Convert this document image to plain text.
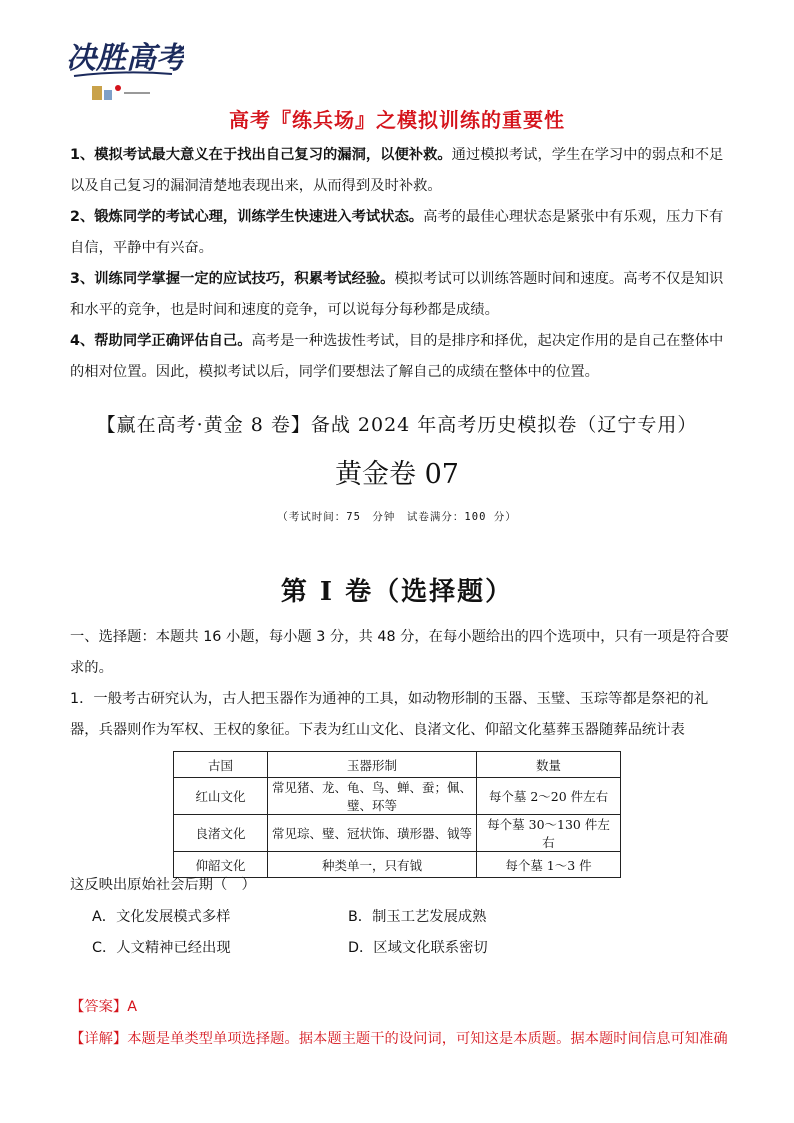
决胜高考
高考『练兵场』之模拟训练的重要性

1、模拟考试最大意义在于找出自己复习的漏洞，以便补救。通过模拟考试，学生在学习中的弱点和不足以及自己复习的漏洞清楚地表现出来，从而得到及时补救。

2、锻炼同学的考试心理，训练学生快速进入考试状态。高考的最佳心理状态是紧张中有乐观，压力下有自信，平静中有兴奋。

3、训练同学掌握一定的应试技巧，积累考试经验。模拟考试可以训练答题时间和速度。高考不仅是知识和水平的竞争，也是时间和速度的竞争，可以说每分每秒都是成绩。

4、帮助同学正确评估自己。高考是一种选拔性考试，目的是排序和择优，起决定作用的是自己在整体中的相对位置。因此，模拟考试以后，同学们要想法了解自己的成绩在整体中的位置。

【赢在高考·黄金 8 卷】备战 2024 年高考历史模拟卷（辽宁专用）
黄金卷 07
（考试时间：75　分钟　试卷满分：100 分）
第 I 卷（选择题）

一、选择题：本题共 16 小题，每小题 3 分，共 48 分，在每小题给出的四个选项中，只有一项是符合要求的。

1．一般考古研究认为，古人把玉器作为通神的工具，如动物形制的玉器、玉璧、玉琮等都是祭祀的礼器，兵器则作为军权、王权的象征。下表为红山文化、良渚文化、仰韶文化墓葬玉器随葬品统计表

古国	玉器形制	数量
红山文化	常见猪、龙、龟、鸟、蝉、蚕；佩、璧、环等	每个墓 2～20 件左右
良渚文化	常见琮、璧、冠状饰、璜形器、钺等	每个墓 30～130 件左右
仰韶文化	种类单一，只有钺	每个墓 1～3 件

这反映出原始社会后期（　）

A．文化发展模式多样	B．制玉工艺发展成熟
C．人文精神已经出现	D．区域文化联系密切
【答案】A
【详解】本题是单类型单项选择题。据本题主题干的设问词，可知这是本质题。据本题时间信息可知准确
